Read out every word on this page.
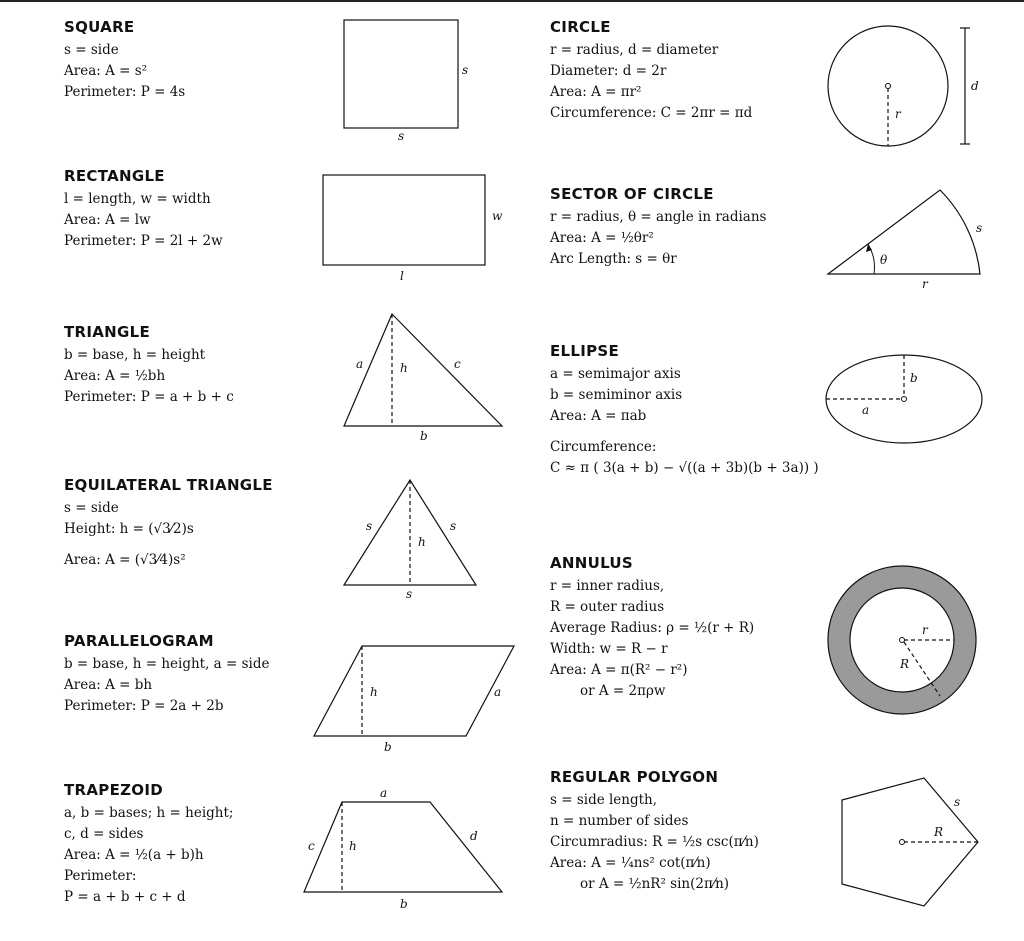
SQUARE
s = side
Area: A = s²
Perimeter: P = 4s
s
s
RECTANGLE
l = length, w = width
Area: A = lw
Perimeter: P = 2l + 2w
w
l
TRIANGLE
b = base, h = height
Area: A = ½bh
Perimeter: P = a + b + c
a	h	c
b
EQUILATERAL TRIANGLE
s = side
Height: h = (√3⁄2)s
Area: A = (√3⁄4)s²
s
h
s
s
PARALLELOGRAM
b = base, h = height, a = side
Area: A = bh
Perimeter: P = 2a + 2b
h	a
b
TRAPEZOID
a, b = bases; h = height;
c, d = sides
Area: A = ½(a + b)h
Perimeter:
P = a + b + c + d
a
c	h
d
b
CIRCLE
r = radius, d = diameter
Diameter: d = 2r
Area: A = πr²
Circumference: C = 2πr = πd	r
d
SECTOR OF CIRCLE
r = radius, θ = angle in radians
Area: A = ½θr²
Arc Length: s = θr	θ
s
r
ELLIPSE
a = semimajor axis
b = semiminor axis
Area: A = πab
Circumference:
C ≈ π ( 3(a + b) − √((a + 3b)(b + 3a)) )
a
b
ANNULUS
r = inner radius,
R = outer radius
Average Radius: ρ = ½(r + R)
Width: w = R − r
Area: A = π(R² − r²)
or A = 2πρw
r
R
REGULAR POLYGON
s = side length,
n = number of sides
Circumradius: R = ½s csc(π⁄n)
Area: A = ¼ns² cot(π⁄n)
or A = ½nR² sin(2π⁄n)
R
s
